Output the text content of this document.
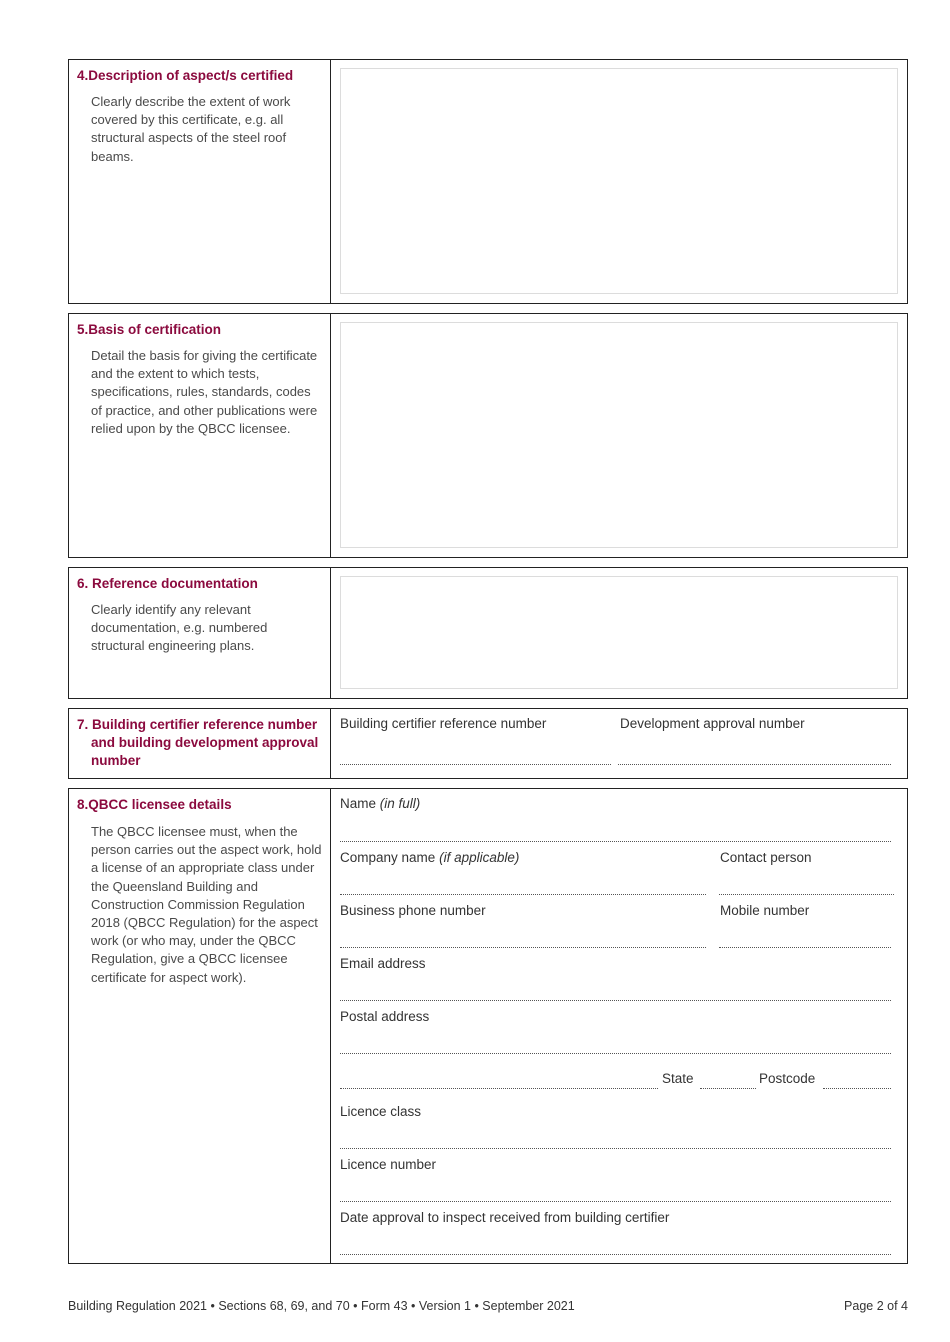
4.Description of aspect/s certified
Clearly describe the extent of work covered by this certificate, e.g. all structural aspects of the steel roof beams.
5.Basis of certification
Detail the basis for giving the certificate and the extent to which tests, specifications, rules, standards, codes of practice, and other publications were relied upon by the QBCC licensee.
6. Reference documentation
Clearly identify any relevant documentation, e.g. numbered structural engineering plans.
7. Building certifier reference number and building development approval number
Building certifier reference number	Development approval number
8.QBCC licensee details
The QBCC licensee must, when the person carries out the aspect work, hold a license of an appropriate class under the Queensland Building and Construction Commission Regulation 2018 (QBCC Regulation) for the aspect work (or who may, under the QBCC Regulation, give a QBCC licensee certificate for aspect work).
Name (in full)
Company name (if applicable)	Contact person
Business phone number	Mobile number
Email address
Postal address
State	Postcode
Licence class
Licence number
Date approval to inspect received from building certifier
Building Regulation 2021 • Sections 68, 69, and 70 • Form 43 • Version 1 • September 2021	Page 2 of 4
